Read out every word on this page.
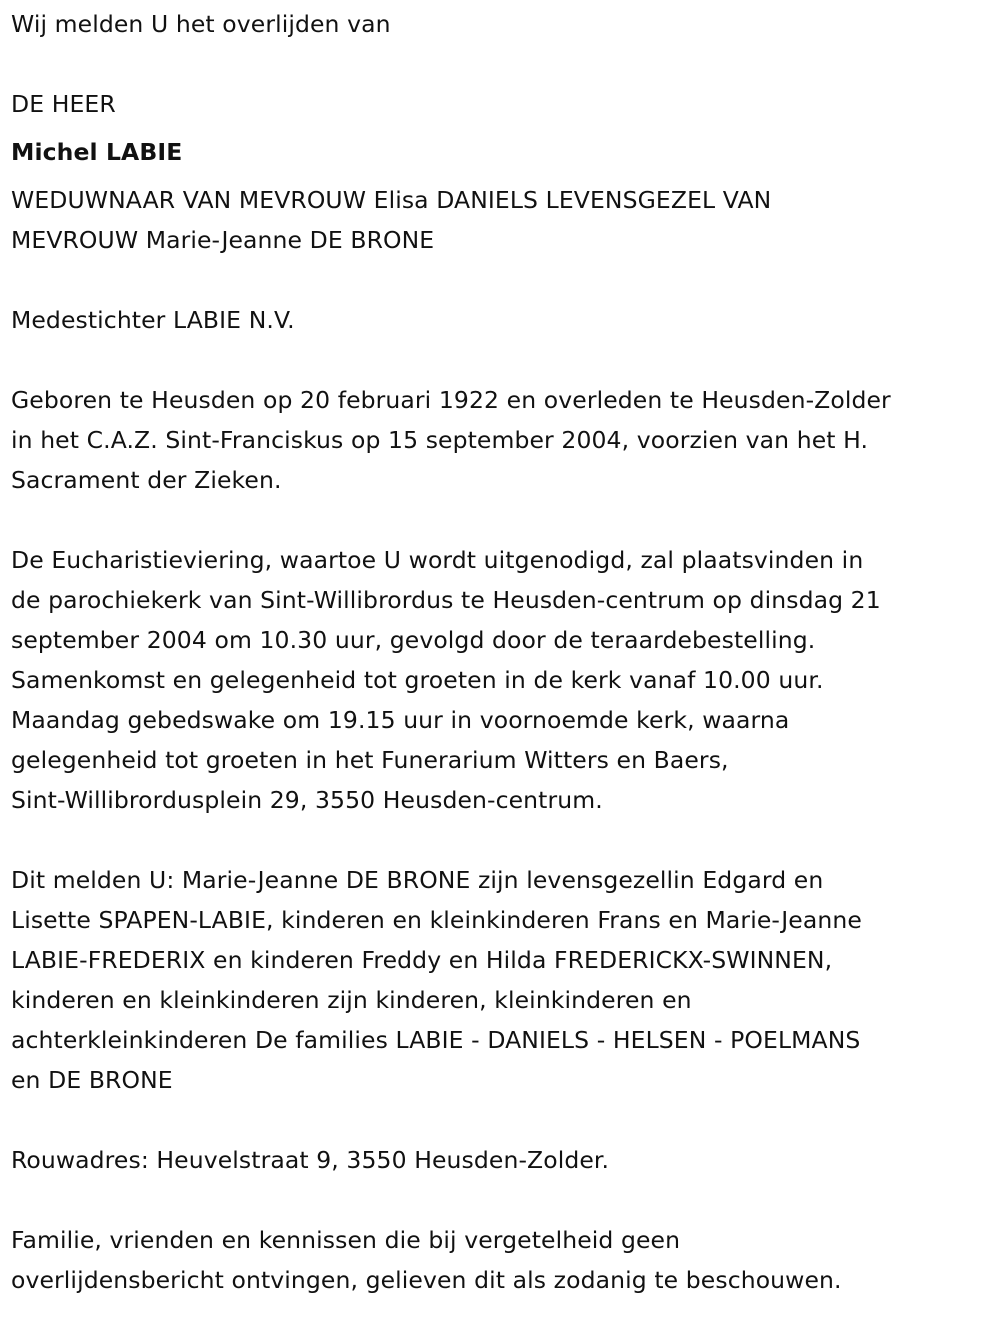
Wij melden U het overlijden van

DE HEER

Michel LABIE

WEDUWNAAR VAN MEVROUW Elisa DANIELS LEVENSGEZEL VAN
MEVROUW Marie-Jeanne DE BRONE

Medestichter LABIE N.V.

Geboren te Heusden op 20 februari 1922 en overleden te Heusden-Zolder
in het C.A.Z. Sint-Franciskus op 15 september 2004, voorzien van het H.
Sacrament der Zieken.

De Eucharistieviering, waartoe U wordt uitgenodigd, zal plaatsvinden in
de parochiekerk van Sint-Willibrordus te Heusden-centrum op dinsdag 21
september 2004 om 10.30 uur, gevolgd door de teraardebestelling.
Samenkomst en gelegenheid tot groeten in de kerk vanaf 10.00 uur.
Maandag gebedswake om 19.15 uur in voornoemde kerk, waarna
gelegenheid tot groeten in het Funerarium Witters en Baers,
Sint-Willibrordusplein 29, 3550 Heusden-centrum.

Dit melden U: Marie-Jeanne DE BRONE zijn levensgezellin Edgard en
Lisette SPAPEN-LABIE, kinderen en kleinkinderen Frans en Marie-Jeanne
LABIE-FREDERIX en kinderen Freddy en Hilda FREDERICKX-SWINNEN,
kinderen en kleinkinderen zijn kinderen, kleinkinderen en
achterkleinkinderen De families LABIE - DANIELS - HELSEN - POELMANS
en DE BRONE

Rouwadres: Heuvelstraat 9, 3550 Heusden-Zolder.

Familie, vrienden en kennissen die bij vergetelheid geen
overlijdensbericht ontvingen, gelieven dit als zodanig te beschouwen.
